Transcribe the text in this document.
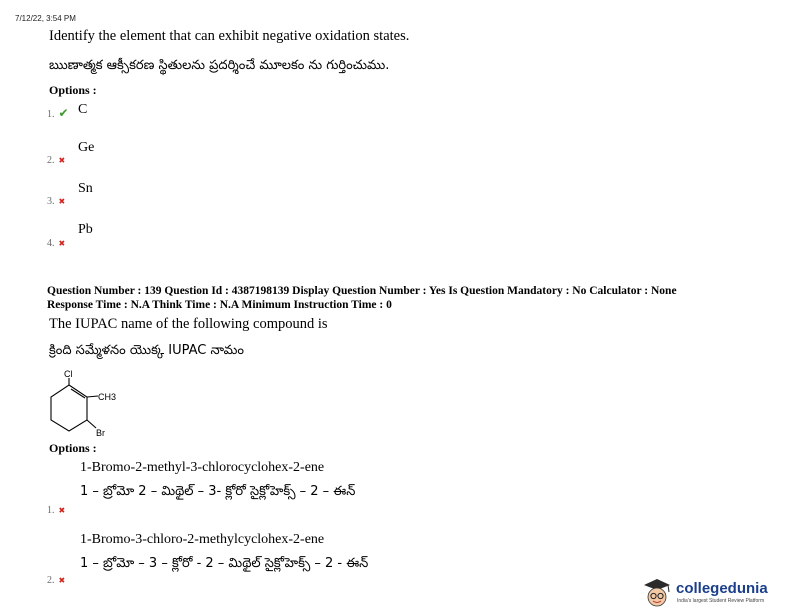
7/12/22, 3:54 PM
Identify the element that can exhibit negative oxidation states.
ఋణాత్మక ఆక్సీకరణ స్థితులను ప్రదర్శించే మూలకం ను గుర్తించుము.
Options :
1. ✔ C
2. ✖
Ge
3. ✖
Sn
4. ✖
Pb
Question Number : 139 Question Id : 4387198139 Display Question Number : Yes Is Question Mandatory : No Calculator : None
Response Time : N.A Think Time : N.A Minimum Instruction Time : 0
The IUPAC name of the following compound is
క్రింది సమ్మేళనం యొక్క IUPAC నామం
Cl
CH3
Br
Options :
1-Bromo-2-methyl-3-chlorocyclohex-2-ene
1 – బ్రోమో 2 – మిథైల్ – 3- క్లోరో సైక్లోహెక్స్ – 2 – ఈన్
1. ✖
1-Bromo-3-chloro-2-methylcyclohex-2-ene
1 – బ్రోమో – 3 – క్లోరో - 2 – మిథైల్ సైక్లోహెక్స్ – 2 - ఈన్
2. ✖	collegedunia
India's largest Student Review Platform
